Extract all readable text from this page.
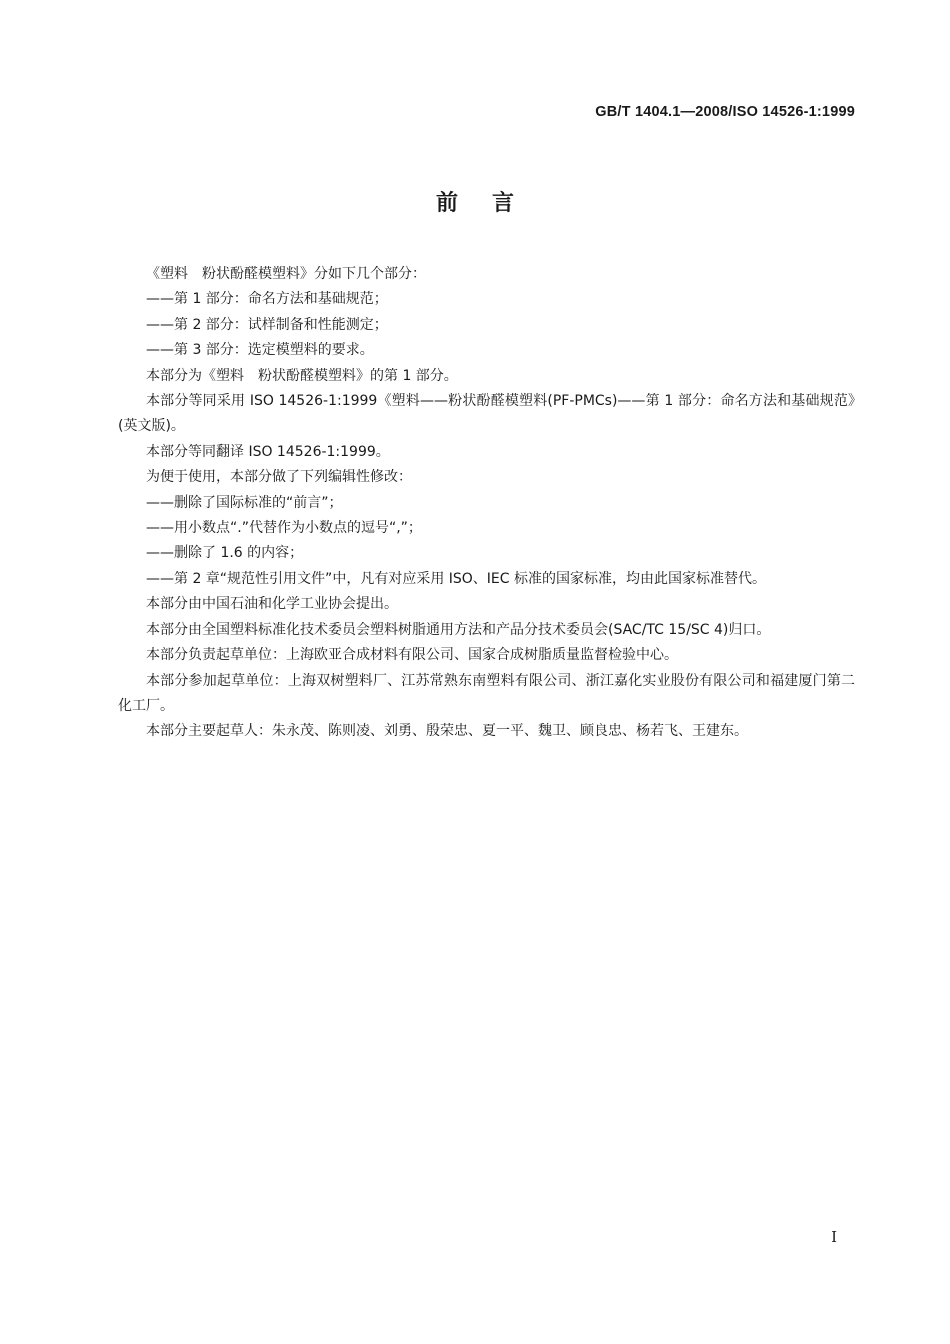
GB/T 1404.1—2008/ISO 14526-1:1999
前言

《塑料　粉状酚醛模塑料》分如下几个部分：

——第 1 部分：命名方法和基础规范；

——第 2 部分：试样制备和性能测定；

——第 3 部分：选定模塑料的要求。

本部分为《塑料　粉状酚醛模塑料》的第 1 部分。

本部分等同采用 ISO 14526-1:1999《塑料——粉状酚醛模塑料(PF-PMCs)——第 1 部分：命名方法和基础规范》(英文版)。

本部分等同翻译 ISO 14526-1:1999。

为便于使用，本部分做了下列编辑性修改：

——删除了国际标准的“前言”；

——用小数点“.”代替作为小数点的逗号“,”；

——删除了 1.6 的内容；

——第 2 章“规范性引用文件”中，凡有对应采用 ISO、IEC 标准的国家标准，均由此国家标准替代。

本部分由中国石油和化学工业协会提出。

本部分由全国塑料标准化技术委员会塑料树脂通用方法和产品分技术委员会(SAC/TC 15/SC 4)归口。

本部分负责起草单位：上海欧亚合成材料有限公司、国家合成树脂质量监督检验中心。

本部分参加起草单位：上海双树塑料厂、江苏常熟东南塑料有限公司、浙江嘉化实业股份有限公司和福建厦门第二化工厂。

本部分主要起草人：朱永茂、陈则凌、刘勇、殷荣忠、夏一平、魏卫、顾良忠、杨若飞、王建东。

I
